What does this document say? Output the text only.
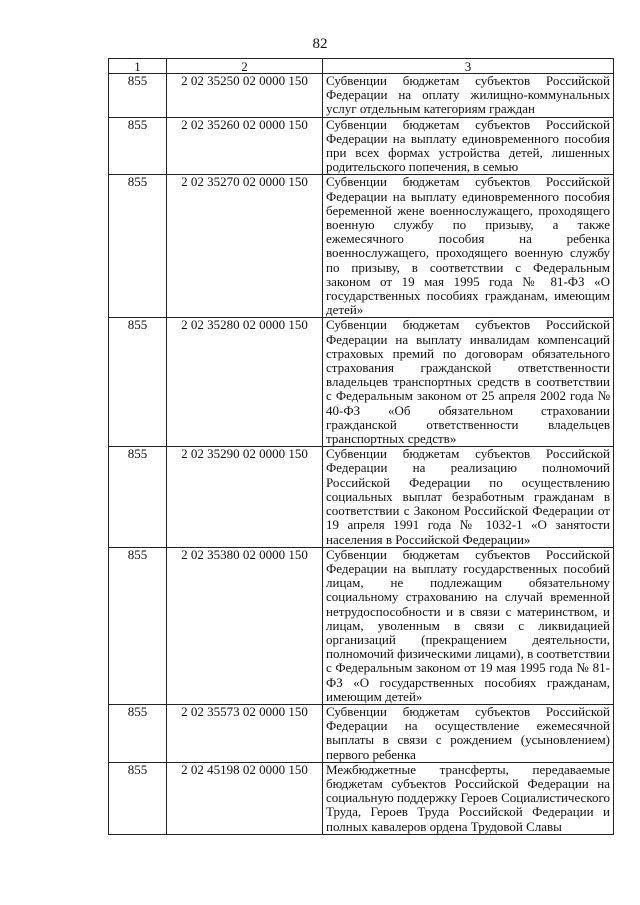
82
1	2	3
855	2 02 35250 02 0000 150	Субвенции бюджетам субъектов Российской Федерации на оплату жилищно-коммунальных услуг отдельным категориям граждан
855	2 02 35260 02 0000 150	Субвенции бюджетам субъектов Российской Федерации на выплату единовременного пособия при всех формах устройства детей, лишенных родительского попечения, в семью
855	2 02 35270 02 0000 150	Субвенции бюджетам субъектов Российской Федерации на выплату единовременного пособия беременной жене военнослужащего, проходящего военную службу по призыву, а также ежемесячного пособия на ребенка военнослужащего, проходящего военную службу по призыву, в соответствии с Федеральным законом от 19 мая 1995 года № 81-ФЗ «О государственных пособиях гражданам, имеющим детей»
855	2 02 35280 02 0000 150	Субвенции бюджетам субъектов Российской Федерации на выплату инвалидам компенсаций страховых премий по договорам обязательного страхования гражданской ответственности владельцев транспортных средств в соответствии с Федеральным законом от 25 апреля 2002 года № 40-ФЗ «Об обязательном страховании гражданской ответственности владельцев транспортных средств»
855	2 02 35290 02 0000 150	Субвенции бюджетам субъектов Российской Федерации на реализацию полномочий Российской Федерации по осуществлению социальных выплат безработным гражданам в соответствии с Законом Российской Федерации от 19 апреля 1991 года № 1032-1 «О занятости населения в Российской Федерации»
855	2 02 35380 02 0000 150	Субвенции бюджетам субъектов Российской Федерации на выплату государственных пособий лицам, не подлежащим обязательному социальному страхованию на случай временной нетрудоспособности и в связи с материнством, и лицам, уволенным в связи с ликвидацией организаций (прекращением деятельности, полномочий физическими лицами), в соответствии с Федеральным законом от 19 мая 1995 года № 81-ФЗ «О государственных пособиях гражданам, имеющим детей»
855	2 02 35573 02 0000 150	Субвенции бюджетам субъектов Российской Федерации на осуществление ежемесячной выплаты в связи с рождением (усыновлением) первого ребенка
855	2 02 45198 02 0000 150	Межбюджетные трансферты, передаваемые бюджетам субъектов Российской Федерации на социальную поддержку Героев Социалистического Труда, Героев Труда Российской Федерации и полных кавалеров ордена Трудовой Славы
